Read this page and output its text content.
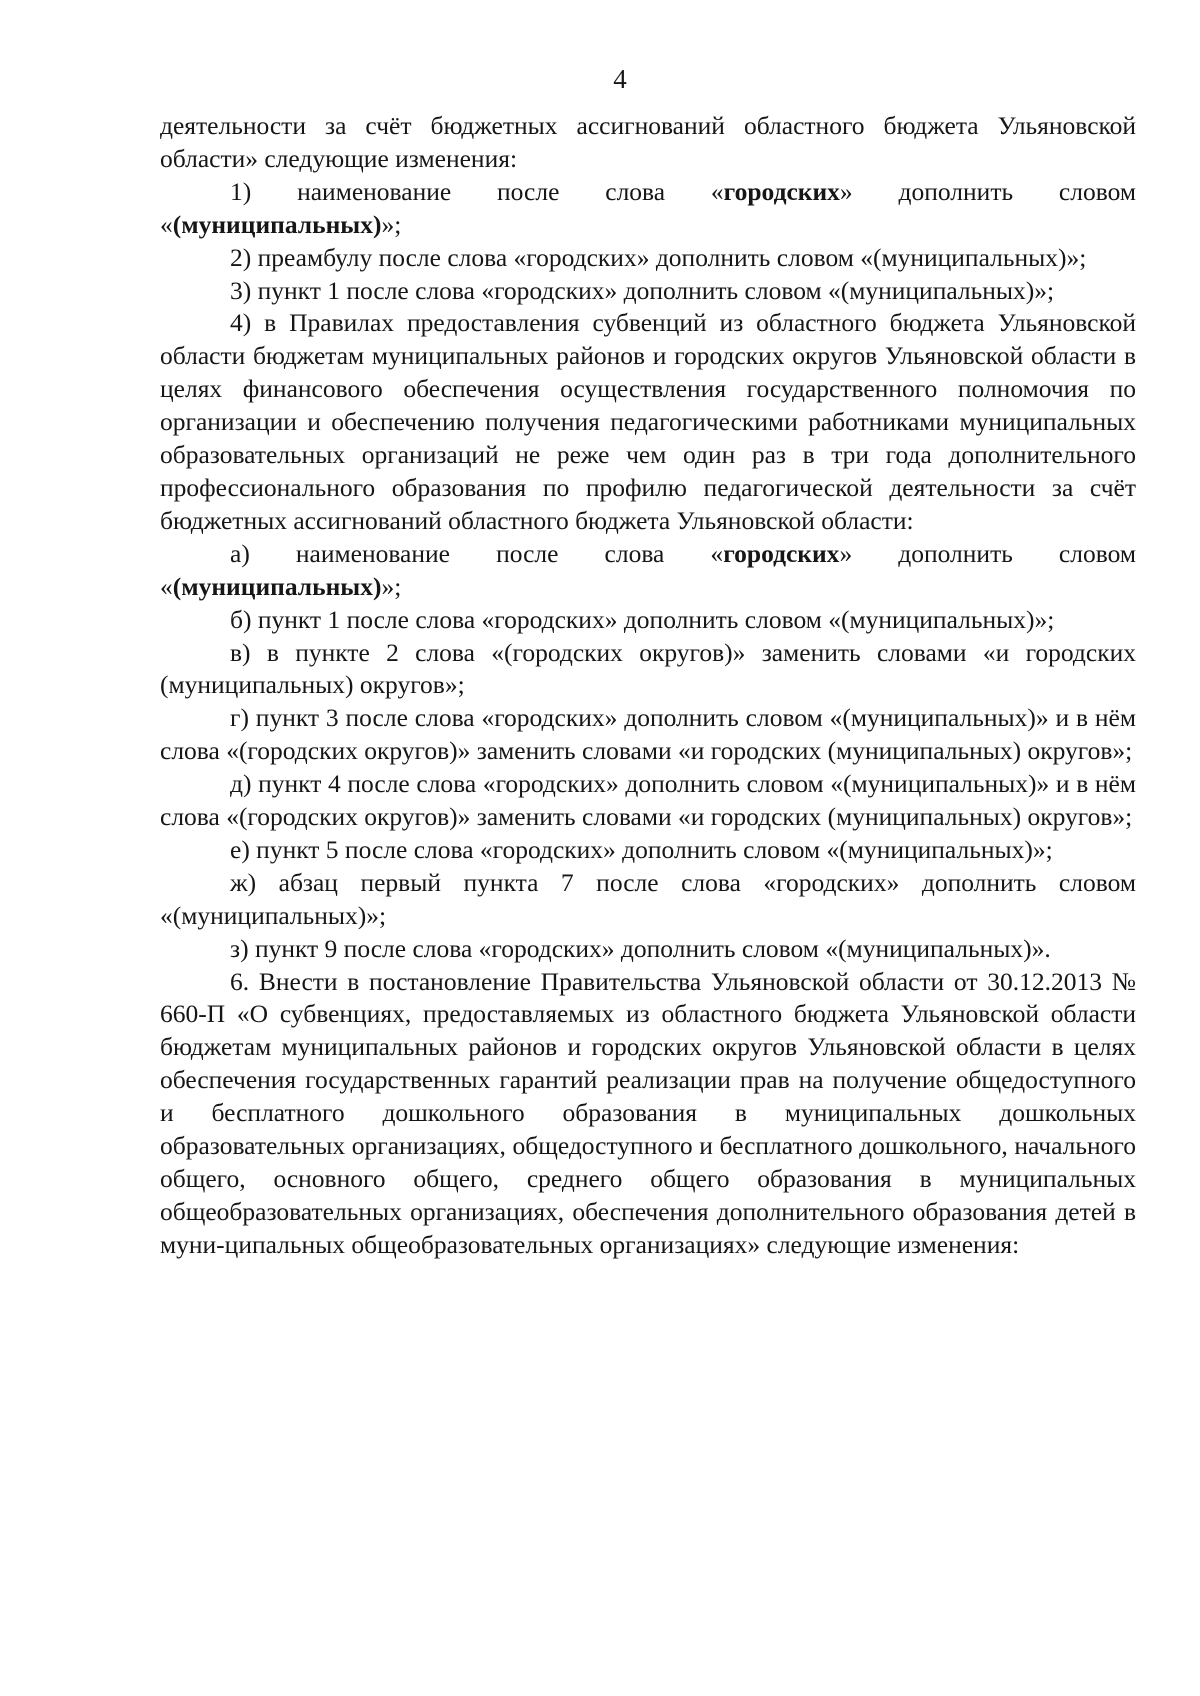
4

деятельности за счёт бюджетных ассигнований областного бюджета Ульяновской области» следующие изменения:

1) наименование после слова «городских» дополнить словом «(муниципальных)»;

2) преамбулу после слова «городских» дополнить словом «(муниципальных)»;

3) пункт 1 после слова «городских» дополнить словом «(муниципальных)»;

4) в Правилах предоставления субвенций из областного бюджета Ульяновской области бюджетам муниципальных районов и городских округов Ульяновской области в целях финансового обеспечения осуществления государственного полномочия по организации и обеспечению получения педагогическими работниками муниципальных образовательных организаций не реже чем один раз в три года дополнительного профессионального образования по профилю педагогической деятельности за счёт бюджетных ассигнований областного бюджета Ульяновской области:

а) наименование после слова «городских» дополнить словом «(муниципальных)»;

б) пункт 1 после слова «городских» дополнить словом «(муниципальных)»;

в) в пункте 2 слова «(городских округов)» заменить словами «и городских (муниципальных) округов»;

г) пункт 3 после слова «городских» дополнить словом «(муниципальных)» и в нём слова «(городских округов)» заменить словами «и городских (муниципальных) округов»;

д) пункт 4 после слова «городских» дополнить словом «(муниципальных)» и в нём слова «(городских округов)» заменить словами «и городских (муниципальных) округов»;

е) пункт 5 после слова «городских» дополнить словом «(муниципальных)»;

ж) абзац первый пункта 7 после слова «городских» дополнить словом «(муниципальных)»;

з) пункт 9 после слова «городских» дополнить словом «(муниципальных)».

6. Внести в постановление Правительства Ульяновской области от 30.12.2013 № 660-П «О субвенциях, предоставляемых из областного бюджета Ульяновской области бюджетам муниципальных районов и городских округов Ульяновской области в целях обеспечения государственных гарантий реализации прав на получение общедоступного и бесплатного дошкольного образования в муниципальных дошкольных образовательных организациях, общедоступного и бесплатного дошкольного, начального общего, основного общего, среднего общего образования в муниципальных общеобразовательных организациях, обеспечения дополнительного образования детей в муни-ципальных общеобразовательных организациях» следующие изменения:
